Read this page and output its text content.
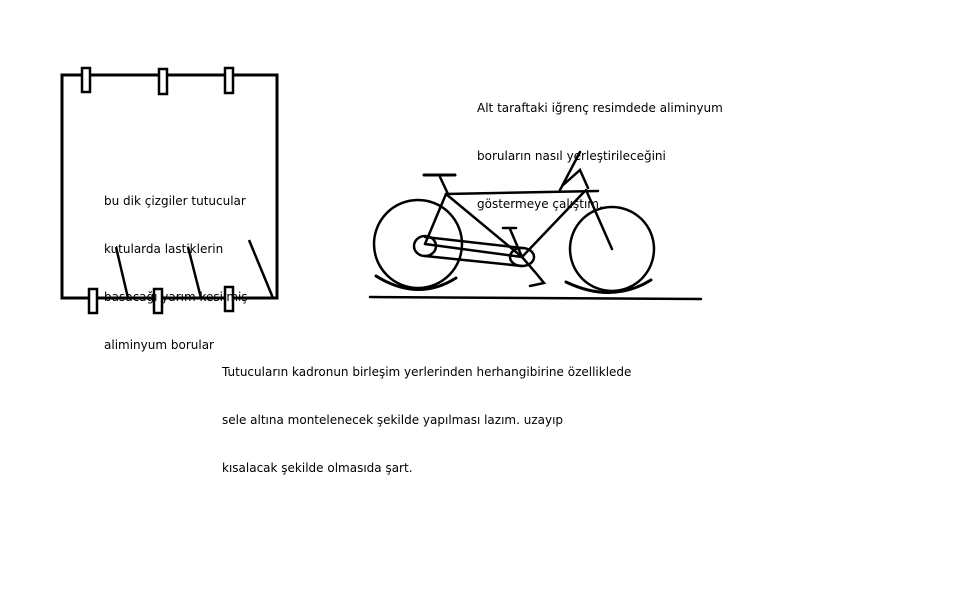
bu dik çizgiler tutucular

kutularda lastiklerin

basacağı yarım kesilmiş

aliminyum borular

Alt taraftaki iğrenç resimdede aliminyum

boruların nasıl yerleştirileceğini

göstermeye çalıştım.

Tutucuların kadronun birleşim yerlerinden herhangibirine özelliklede

sele altına montelenecek şekilde yapılması lazım. uzayıp

kısalacak şekilde olmasıda şart.
